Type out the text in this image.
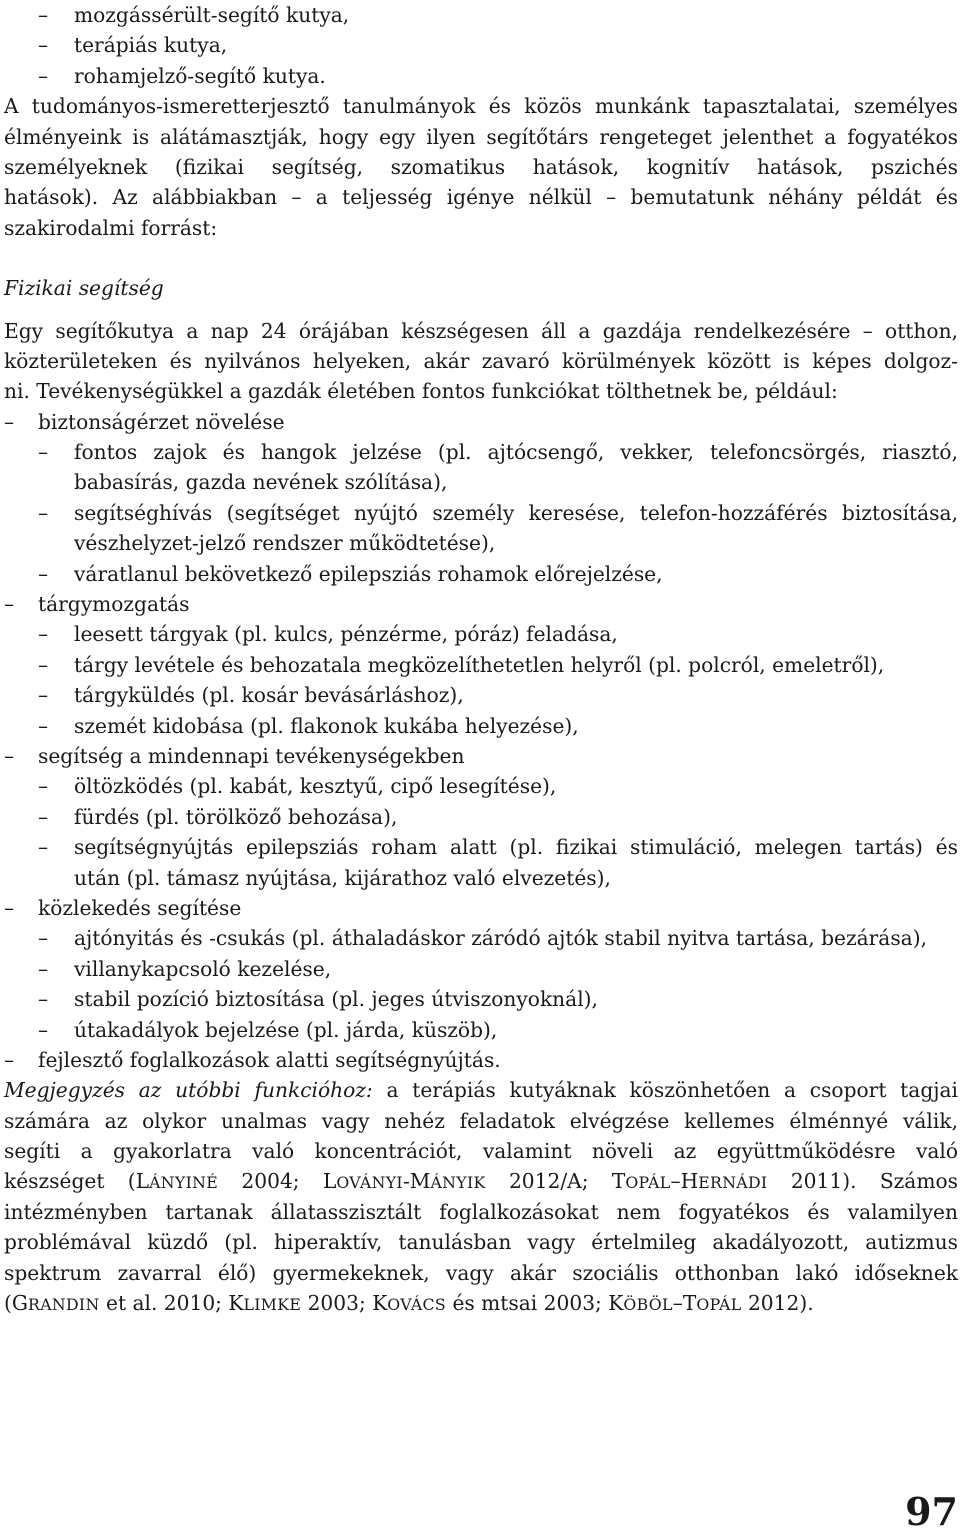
– mozgássérült-segítő kutya,
– terápiás kutya,
– rohamjelző-segítő kutya.
A tudományos-ismeretterjesztő tanulmányok és közös munkánk tapasztalatai, személyes
élményeink is alátámasztják, hogy egy ilyen segítőtárs rengeteget jelenthet a fogyatékos
személyeknek (fizikai segítség, szomatikus hatások, kognitív hatások, pszichés
hatások). Az alábbiakban – a teljesség igénye nélkül – bemutatunk néhány példát és
szakirodalmi forrást:
Fizikai segítség
Egy segítőkutya a nap 24 órájában készségesen áll a gazdája rendelkezésére – otthon,
közterületeken és nyilvános helyeken, akár zavaró körülmények között is képes dolgoz-
ni. Tevékenységükkel a gazdák életében fontos funkciókat tölthetnek be, például:
– biztonságérzet növelése
– fontos zajok és hangok jelzése (pl. ajtócsengő, vekker, telefoncsörgés, riasztó,
babasírás, gazda nevének szólítása),
– segítséghívás (segítséget nyújtó személy keresése, telefon-hozzáférés biztosítása,
vészhelyzet-jelző rendszer működtetése),
– váratlanul bekövetkező epilepsziás rohamok előrejelzése,
– tárgymozgatás
– leesett tárgyak (pl. kulcs, pénzérme, póráz) feladása,
– tárgy levétele és behozatala megközelíthetetlen helyről (pl. polcról, emeletről),
– tárgyküldés (pl. kosár bevásárláshoz),
– szemét kidobása (pl. flakonok kukába helyezése),
– segítség a mindennapi tevékenységekben
– öltözködés (pl. kabát, kesztyű, cipő lesegítése),
– fürdés (pl. törölköző behozása),
– segítségnyújtás epilepsziás roham alatt (pl. fizikai stimuláció, melegen tartás) és
után (pl. támasz nyújtása, kijárathoz való elvezetés),
– közlekedés segítése
– ajtónyitás és -csukás (pl. áthaladáskor záródó ajtók stabil nyitva tartása, bezárása),
– villanykapcsoló kezelése,
– stabil pozíció biztosítása (pl. jeges útviszonyoknál),
– útakadályok bejelzése (pl. járda, küszöb),
– fejlesztő foglalkozások alatti segítségnyújtás.
Megjegyzés az utóbbi funkcióhoz: a terápiás kutyáknak köszönhetően a csoport tagjai
számára az olykor unalmas vagy nehéz feladatok elvégzése kellemes élménnyé válik,
segíti a gyakorlatra való koncentrációt, valamint növeli az együttműködésre való
készséget (LÁNYINÉ 2004; LOVÁNYI-MÁNYIK 2012/A; TOPÁL–HERNÁDI 2011). Számos
intézményben tartanak állatasszisztált foglalkozásokat nem fogyatékos és valamilyen
problémával küzdő (pl. hiperaktív, tanulásban vagy értelmileg akadályozott, autizmus
spektrum zavarral élő) gyermekeknek, vagy akár szociális otthonban lakó időseknek
(GRANDIN et al. 2010; KLIMKE 2003; KOVÁCS és mtsai 2003; KÖBÖL–TOPÁL 2012).
97
